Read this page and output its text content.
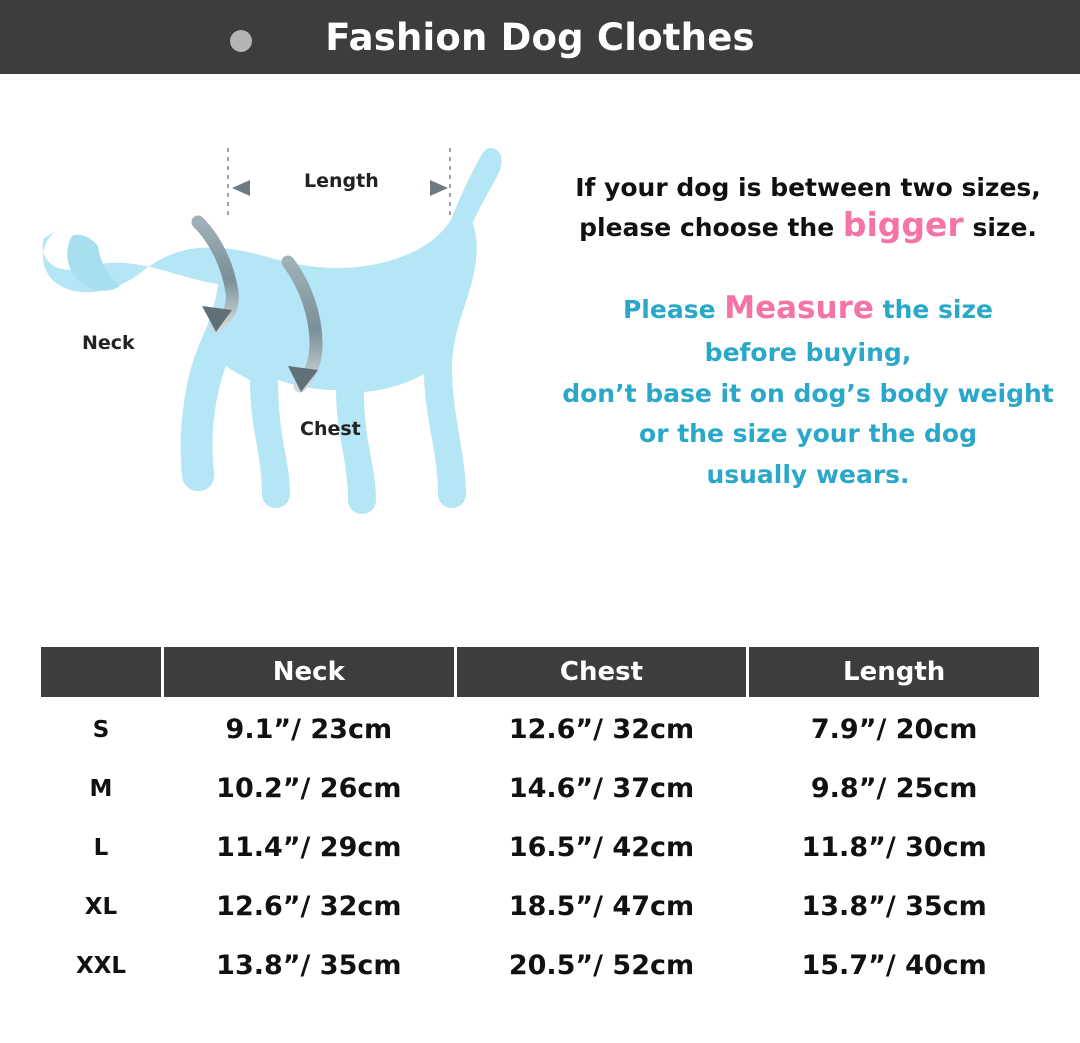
Fashion Dog Clothes
Length
Neck
Chest

If your dog is between two sizes,

please choose the bigger size.

Please Measure the size
before buying,
don’t base it on dog’s body weight
or the size your the dog
usually wears.
	Neck	Chest	Length
S	9.1”/ 23cm	12.6”/ 32cm	7.9”/ 20cm
M	10.2”/ 26cm	14.6”/ 37cm	9.8”/ 25cm
L	11.4”/ 29cm	16.5”/ 42cm	11.8”/ 30cm
XL	12.6”/ 32cm	18.5”/ 47cm	13.8”/ 35cm
XXL	13.8”/ 35cm	20.5”/ 52cm	15.7”/ 40cm
